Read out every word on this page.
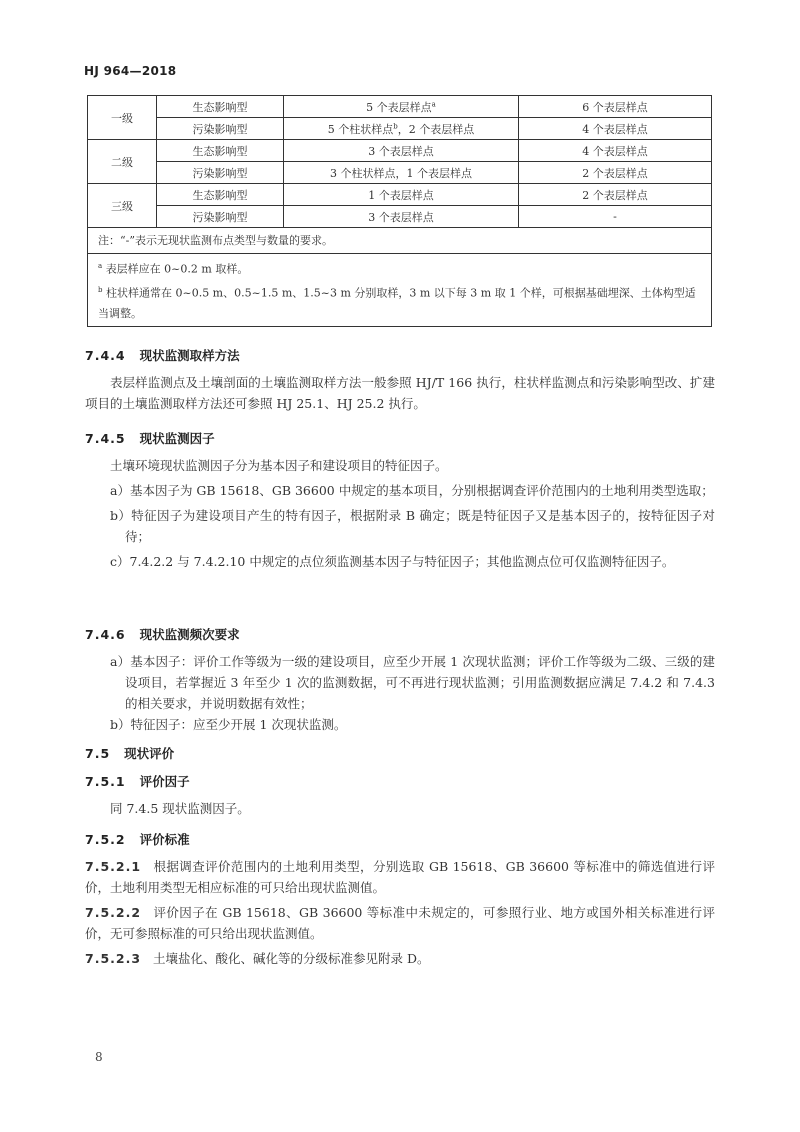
HJ 964—2018
一级	生态影响型	5 个表层样点$^a$	6 个表层样点
	污染影响型	5 个柱状样点$^b$，2 个表层样点	4 个表层样点
二级	生态影响型	3 个表层样点	4 个表层样点
	污染影响型	3 个柱状样点，1 个表层样点	2 个表层样点
三级	生态影响型	1 个表层样点	2 个表层样点
	污染影响型	3 个表层样点	-
注：“-”表示无现状监测布点类型与数量的要求。			

$^a$ 表层样应在 0~0.2 m 取样。
$^b$ 柱状样通常在 0~0.5 m、0.5~1.5 m、1.5~3 m 分别取样，3 m 以下每 3 m 取 1 个样，可根据基础埋深、土体构型适当调整。			
7.4.4 现状监测取样方法
表层样监测点及土壤剖面的土壤监测取样方法一般参照 HJ/T 166 执行，柱状样监测点和污染影响型改、扩建项目的土壤监测取样方法还可参照 HJ 25.1、HJ 25.2 执行。
7.4.5 现状监测因子
土壤环境现状监测因子分为基本因子和建设项目的特征因子。
a）基本因子为 GB 15618、GB 36600 中规定的基本项目，分别根据调查评价范围内的土地利用类型选取；
b）特征因子为建设项目产生的特有因子，根据附录 B 确定；既是特征因子又是基本因子的，按特征因子对待；
c）7.4.2.2 与 7.4.2.10 中规定的点位须监测基本因子与特征因子；其他监测点位可仅监测特征因子。
7.4.6 现状监测频次要求
a）基本因子：评价工作等级为一级的建设项目，应至少开展 1 次现状监测；评价工作等级为二级、三级的建设项目，若掌握近 3 年至少 1 次的监测数据，可不再进行现状监测；引用监测数据应满足 7.4.2 和 7.4.3 的相关要求，并说明数据有效性；
b）特征因子：应至少开展 1 次现状监测。
7.5 现状评价
7.5.1 评价因子
同 7.4.5 现状监测因子。
7.5.2 评价标准
7.5.2.1 根据调查评价范围内的土地利用类型，分别选取 GB 15618、GB 36600 等标准中的筛选值进行评价，土地利用类型无相应标准的可只给出现状监测值。
7.5.2.2 评价因子在 GB 15618、GB 36600 等标准中未规定的，可参照行业、地方或国外相关标准进行评价，无可参照标准的可只给出现状监测值。
7.5.2.3 土壤盐化、酸化、碱化等的分级标准参见附录 D。
8
